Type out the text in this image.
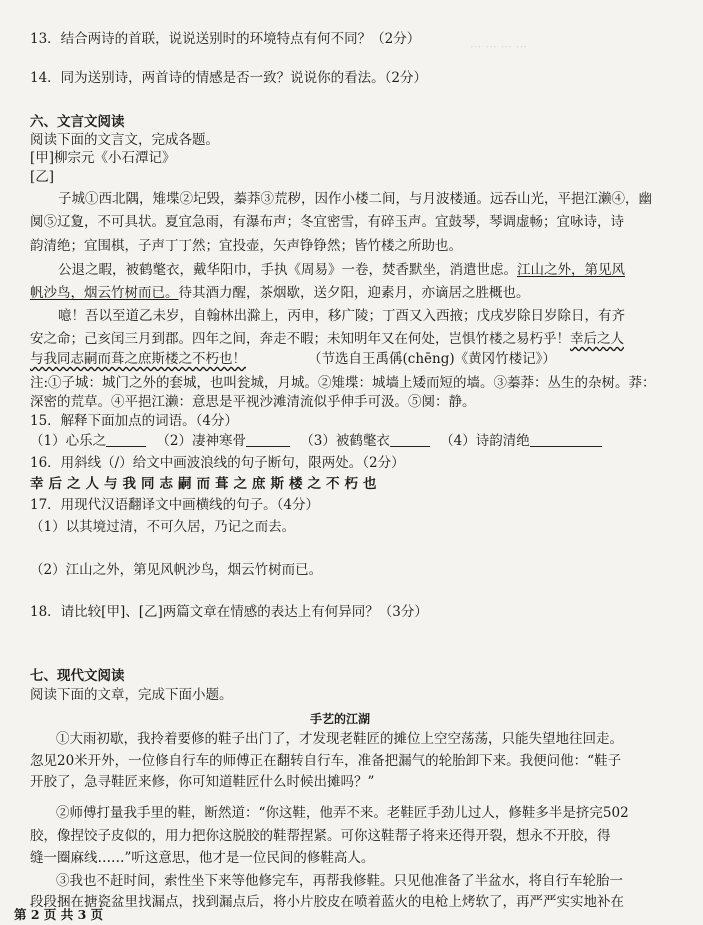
··· ··· ··· ···
13．结合两诗的首联，说说送别时的环境特点有何不同？（2分）
14．同为送别诗，两首诗的情感是否一致？说说你的看法。（2分）
六、文言文阅读
阅读下面的文言文，完成各题。
[甲]柳宗元《小石潭记》
[乙]
子城①西北隅，雉堞②圮毁，蓁莽③荒秽，因作小楼二间，与月波楼通。远吞山光，平挹江濑④，幽
阒⑤辽夐，不可具状。夏宜急雨，有瀑布声；冬宜密雪，有碎玉声。宜鼓琴，琴调虚畅；宜咏诗，诗
韵清绝；宜围棋，子声丁丁然；宜投壶，矢声铮铮然；皆竹楼之所助也。
公退之暇，被鹤氅衣，戴华阳巾，手执《周易》一卷，焚香默坐，消遣世虑。江山之外，第见风
帆沙鸟，烟云竹树而已。待其酒力醒，茶烟歇，送夕阳，迎素月，亦谪居之胜概也。
噫！吾以至道乙未岁，自翰林出滁上，丙申，移广陵；丁酉又入西掖；戊戌岁除日岁除日，有齐
安之命；己亥闰三月到郡。四年之间，奔走不暇；未知明年又在何处，岂惧竹楼之易朽乎！幸后之人
与我同志嗣而葺之庶斯楼之不朽也！	（节选自王禹偁(chēng)《黄冈竹楼记》）
注:①子城：城门之外的套城，也叫瓮城，月城。②雉堞：城墙上矮而短的墙。③蓁莽：丛生的杂树。莽：
深密的荒草。④平挹江濑：意思是平视沙滩清流似乎伸手可汲。⑤阒：静。
15．解释下面加点的词语。（4分）
（1）心乐之	（2）凄神寒骨	（3）被鹤氅衣	（4）诗韵清绝
16．用斜线（/）给文中画波浪线的句子断句，限两处。（2分）
幸后之人与我同志嗣而葺之庶斯楼之不朽也
17．用现代汉语翻译文中画横线的句子。（4分）
（1）以其境过清，不可久居，乃记之而去。
（2）江山之外，第见风帆沙鸟，烟云竹树而已。
18．请比较[甲]、[乙]两篇文章在情感的表达上有何异同？（3分）
七、现代文阅读
阅读下面的文章，完成下面小题。
手艺的江湖
①大雨初歇，我拎着要修的鞋子出门了，才发现老鞋匠的摊位上空空荡荡，只能失望地往回走。
忽见20米开外，一位修自行车的师傅正在翻转自行车，准备把漏气的轮胎卸下来。我便问他：“鞋子
开胶了，急寻鞋匠来修，你可知道鞋匠什么时候出摊吗？”
②师傅打量我手里的鞋，断然道：“你这鞋，他弄不来。老鞋匠手劲儿过人，修鞋多半是挤完502
胶，像捏饺子皮似的，用力把你这脱胶的鞋帮捏紧。可你这鞋帮子将来还得开裂，想永不开胶，得
缝一圈麻线……”听这意思，他才是一位民间的修鞋高人。
③我也不赶时间，索性坐下来等他修完车，再帮我修鞋。只见他准备了半盆水，将自行车轮胎一
段段捆在搪瓷盆里找漏点，找到漏点后，将小片胶皮在喷着蓝火的电枪上烤软了，再严严实实地补在
第 2 页 共 3 页
